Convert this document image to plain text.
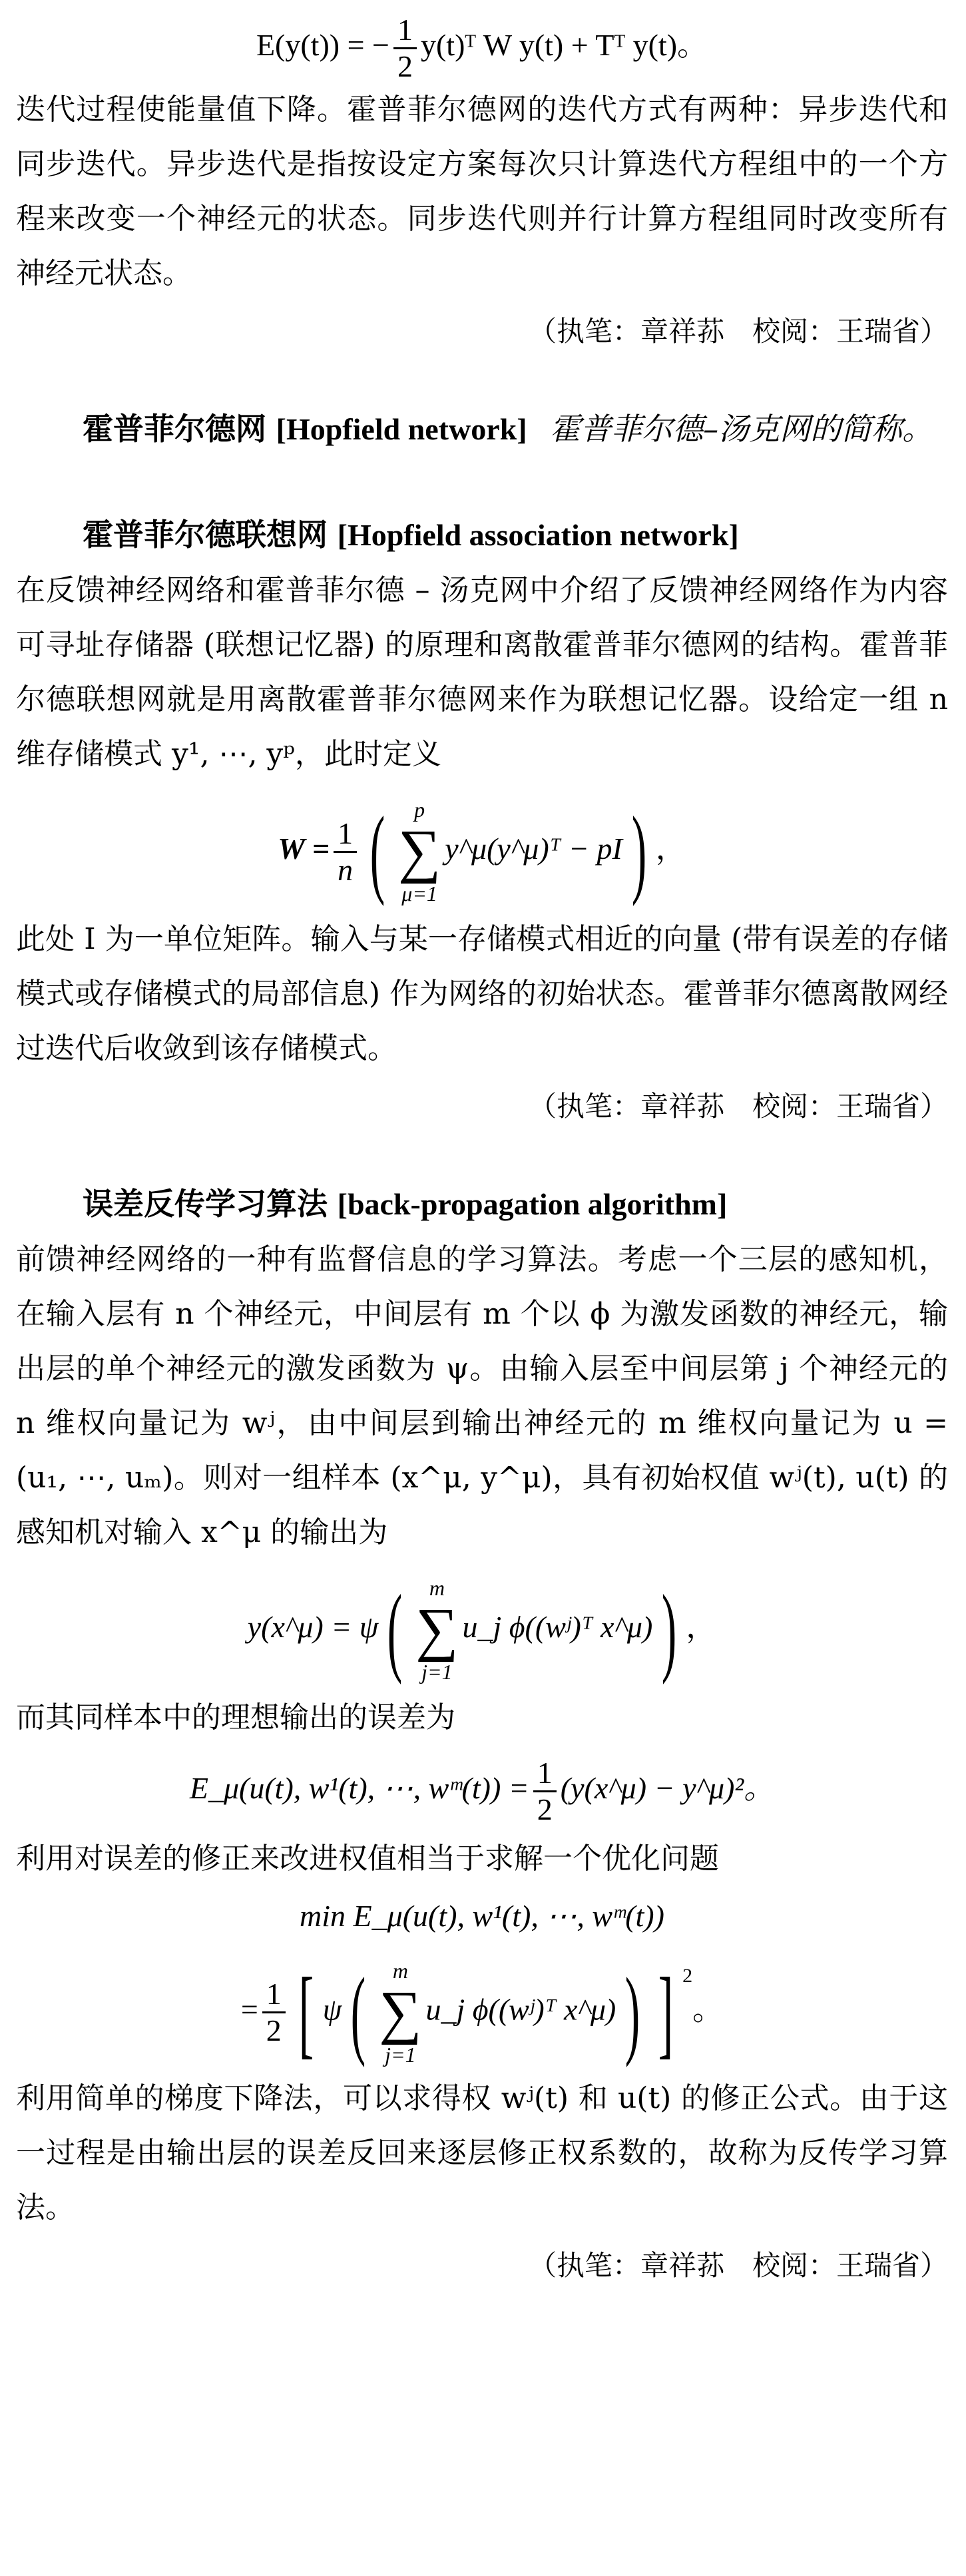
E(y(t)) = − $\frac{1}{2}$ y(t)ᵀ W y(t) + Tᵀ y(t)。

迭代过程使能量值下降。霍普菲尔德网的迭代方式有两种：异步迭代和同步迭代。异步迭代是指按设定方案每次只计算迭代方程组中的一个方程来改变一个神经元的状态。同步迭代则并行计算方程组同时改变所有神经元状态。

（执笔：章祥荪　校阅：王瑞省）

霍普菲尔德网 [Hopfield network] 霍普菲尔德–汤克网的简称。

霍普菲尔德联想网 [Hopfield association network]

在反馈神经网络和霍普菲尔德 – 汤克网中介绍了反馈神经网络作为内容可寻址存储器 (联想记忆器) 的原理和离散霍普菲尔德网的结构。霍普菲尔德联想网就是用离散霍普菲尔德网来作为联想记忆器。设给定一组 n 维存储模式 y¹, ⋯, yᵖ，此时定义

$W = \frac{1}{n}$ (	p
∑
μ=1
y^μ(y^μ)ᵀ − pI) ，

此处 I 为一单位矩阵。输入与某一存储模式相近的向量 (带有误差的存储模式或存储模式的局部信息) 作为网络的初始状态。霍普菲尔德离散网经过迭代后收敛到该存储模式。

（执笔：章祥荪　校阅：王瑞省）

误差反传学习算法 [back-propagation algorithm]

前馈神经网络的一种有监督信息的学习算法。考虑一个三层的感知机，在输入层有 n 个神经元，中间层有 m 个以 ϕ 为激发函数的神经元，输出层的单个神经元的激发函数为 ψ。由输入层至中间层第 j 个神经元的 n 维权向量记为 wʲ，由中间层到输出神经元的 m 维权向量记为 u = (u₁, ⋯, uₘ)。则对一组样本 (x^μ, y^μ)，具有初始权值 wʲ(t), u(t) 的感知机对输入 x^μ 的输出为

y(x^μ) = ψ(	m
∑
j=1
u_j ϕ((wʲ)ᵀ x^μ)) ，

而其同样本中的理想输出的误差为

E_μ(u(t), w¹(t), ⋯, wᵐ(t)) = $\frac{1}{2}$ (y(x^μ) − y^μ)²。

利用对误差的修正来改进权值相当于求解一个优化问题

min E_μ(u(t), w¹(t), ⋯, wᵐ(t))
= $\frac{1}{2}$ [ ψ(	m
∑
j=1
u_j ϕ((wʲ)ᵀ x^μ)) ] $^2$。

利用简单的梯度下降法，可以求得权 wʲ(t) 和 u(t) 的修正公式。由于这一过程是由输出层的误差反回来逐层修正权系数的，故称为反传学习算法。

（执笔：章祥荪　校阅：王瑞省）
